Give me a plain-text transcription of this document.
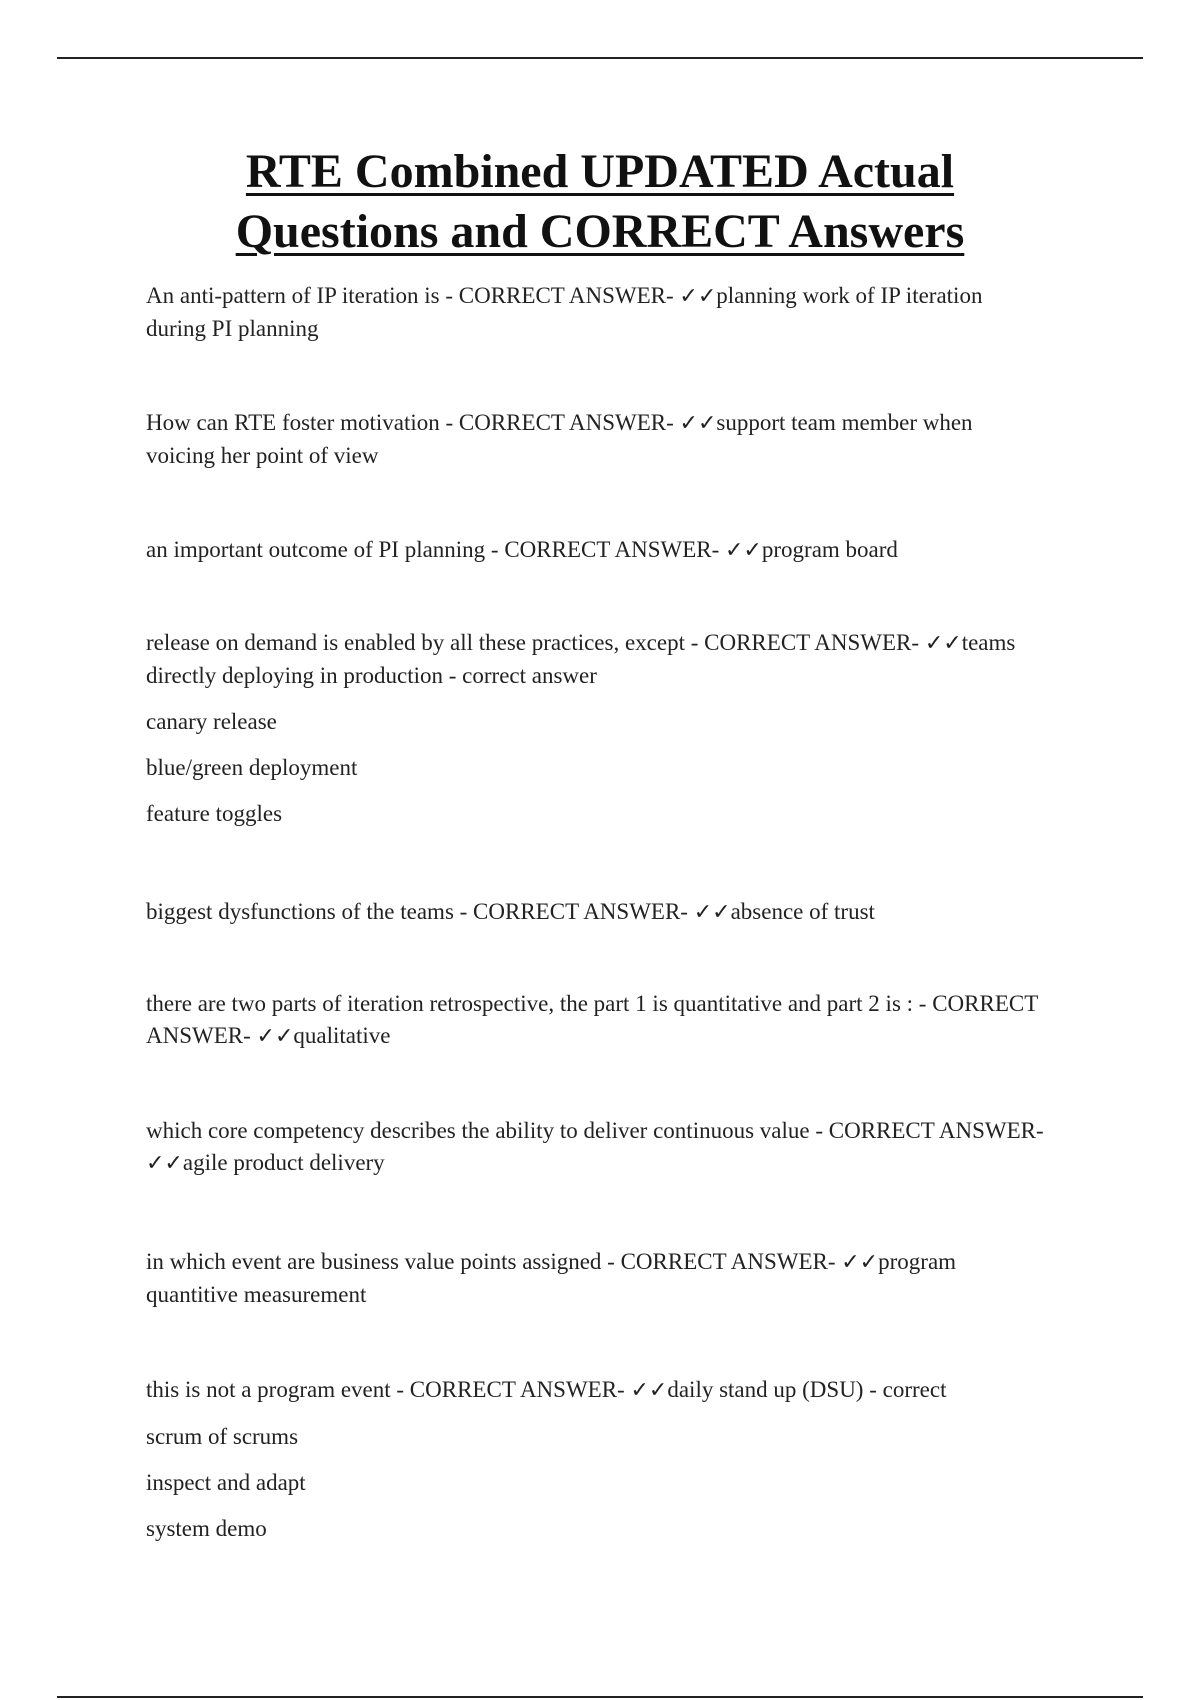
RTE Combined UPDATED Actual
Questions and CORRECT Answers

An anti-pattern of IP iteration is - CORRECT ANSWER- ✓✓planning work of IP iteration during PI planning

How can RTE foster motivation - CORRECT ANSWER- ✓✓support team member when voicing her point of view

an important outcome of PI planning - CORRECT ANSWER- ✓✓program board

release on demand is enabled by all these practices, except - CORRECT ANSWER- ✓✓teams directly deploying in production - correct answer

canary release

blue/green deployment

feature toggles

biggest dysfunctions of the teams - CORRECT ANSWER- ✓✓absence of trust

there are two parts of iteration retrospective, the part 1 is quantitative and part 2 is : - CORRECT ANSWER- ✓✓qualitative

which core competency describes the ability to deliver continuous value - CORRECT ANSWER- ✓✓agile product delivery

in which event are business value points assigned - CORRECT ANSWER- ✓✓program quantitive measurement

this is not a program event - CORRECT ANSWER- ✓✓daily stand up (DSU) - correct

scrum of scrums

inspect and adapt

system demo
